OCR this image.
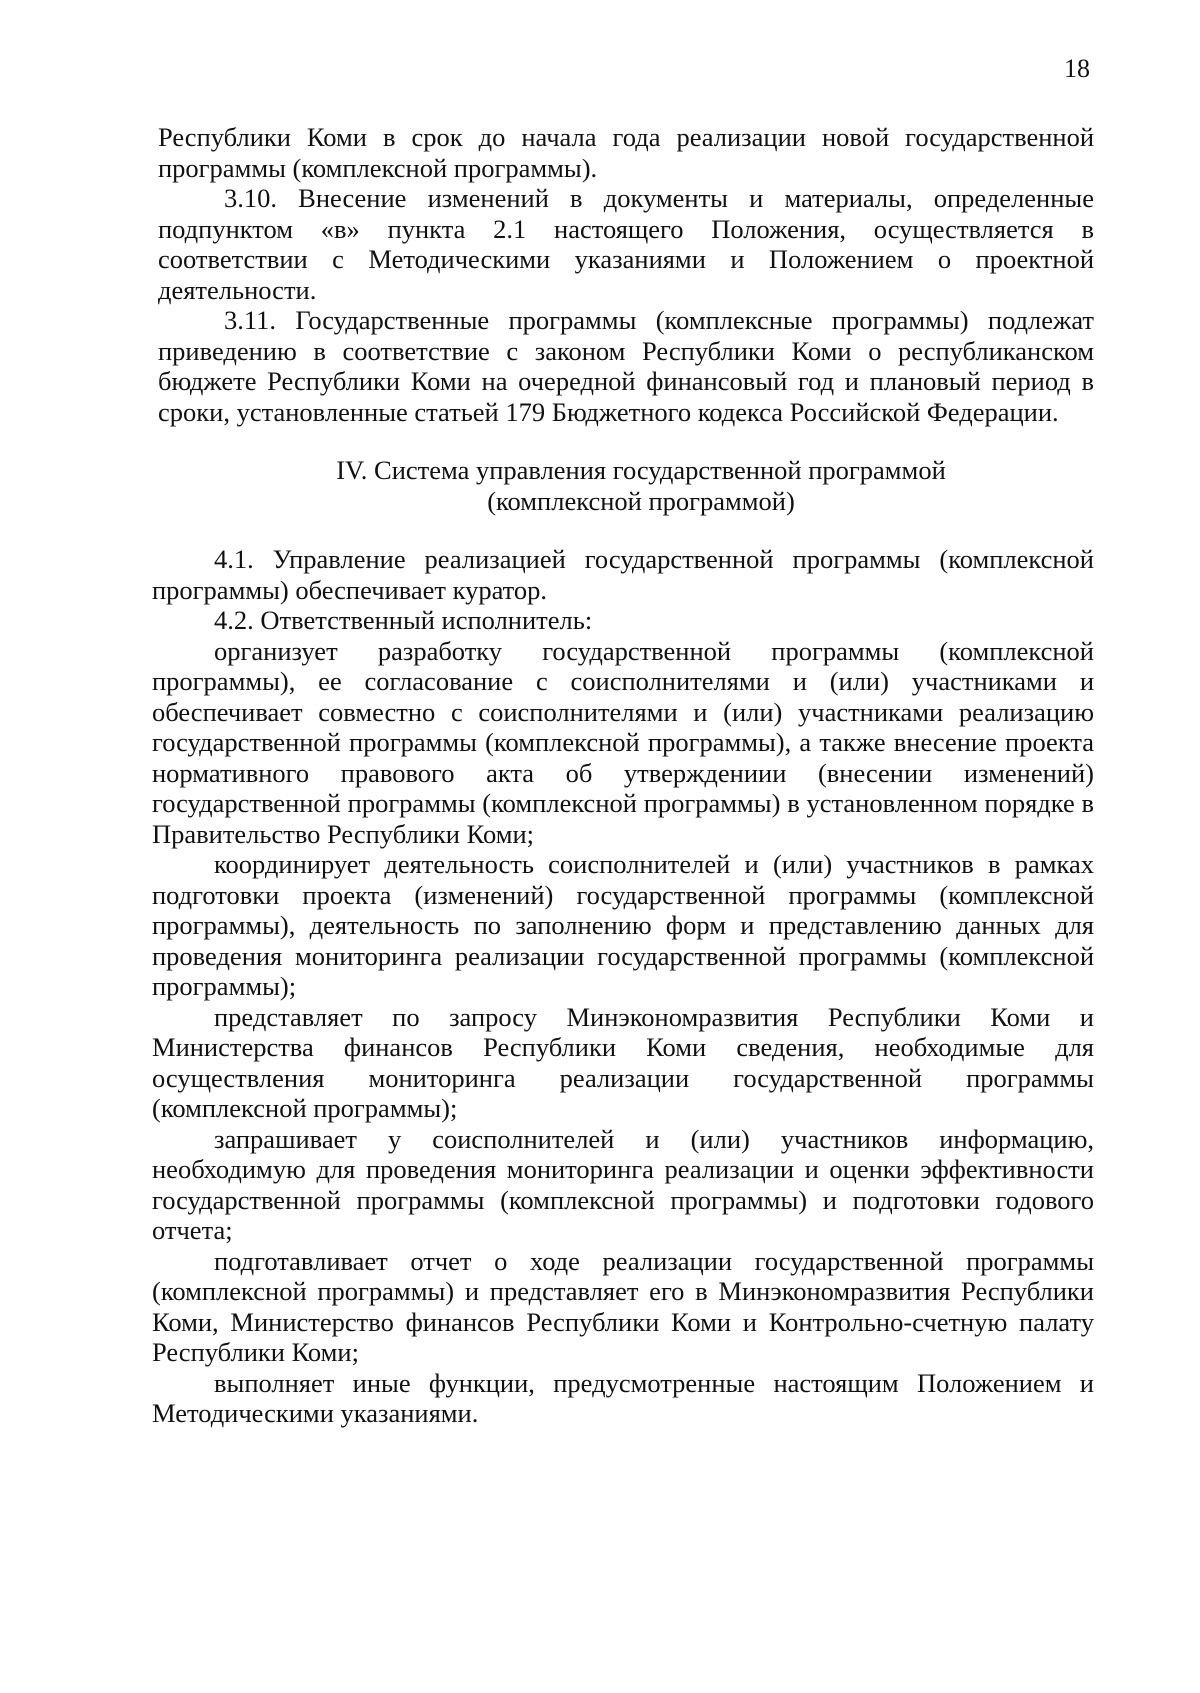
18

Республики Коми в срок до начала года реализации новой государственной программы (комплексной программы).

3.10. Внесение изменений в документы и материалы, определенные подпунктом «в» пункта 2.1 настоящего Положения, осуществляется в соответствии с Методическими указаниями и Положением о проектной деятельности.

3.11. Государственные программы (комплексные программы) подлежат приведению в соответствие с законом Республики Коми о республиканском бюджете Республики Коми на очередной финансовый год и плановый период в сроки, установленные статьей 179 Бюджетного кодекса Российской Федерации.

IV. Система управления государственной программой
(комплексной программой)

4.1. Управление реализацией государственной программы (комплексной программы) обеспечивает куратор.

4.2. Ответственный исполнитель:

организует разработку государственной программы (комплексной программы), ее согласование с соисполнителями и (или) участниками и обеспечивает совместно с соисполнителями и (или) участниками реализацию государственной программы (комплексной программы), а также внесение проекта нормативного правового акта об утверждениии (внесении изменений) государственной программы (комплексной программы) в установленном порядке в Правительство Республики Коми;

координирует деятельность соисполнителей и (или) участников в рамках подготовки проекта (изменений) государственной программы (комплексной программы), деятельность по заполнению форм и представлению данных для проведения мониторинга реализации государственной программы (комплексной программы);

представляет по запросу Минэкономразвития Республики Коми и Министерства финансов Республики Коми сведения, необходимые для осуществления мониторинга реализации государственной программы (комплексной программы);

запрашивает у соисполнителей и (или) участников информацию, необходимую для проведения мониторинга реализации и оценки эффективности государственной программы (комплексной программы) и подготовки годового отчета;

подготавливает отчет о ходе реализации государственной программы (комплексной программы) и представляет его в Минэкономразвития Республики Коми, Министерство финансов Республики Коми и Контрольно-счетную палату Республики Коми;

выполняет иные функции, предусмотренные настоящим Положением и Методическими указаниями.
